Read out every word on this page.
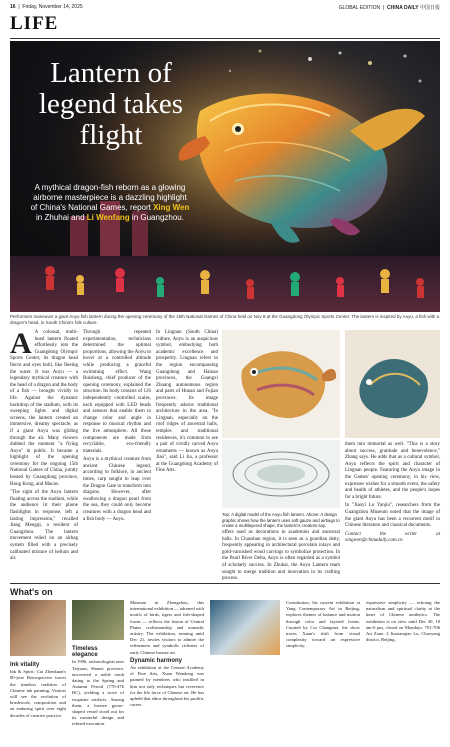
16  |  Friday, November 14, 2025	GLOBAL EDITION  |  CHINA DAILY 中国日报
LIFE
Lantern of legend takes flight
A mythical dragon-fish reborn as a glowing airborne masterpiece is a dazzling highlight of China's National Games, report Xing Wen in Zhuhai and Li Wenfang in Guangzhou.
Performers maneuver a giant Aoyu fish lantern during the opening ceremony of the 15th National Games of China held on Nov 9 at the Guangdong Olympic Sports Center. The lantern is inspired by Aoyu, a fish with a dragon's head, in South China's folk culture.
A A colossal, multi-hued lantern floated effortlessly into the Guangdong Olympic Sports Center, its dragon head fierce and eyes bold, like fleeing the water. It was Aoyu — a legendary mythical creature with the head of a dragon and the body of a fish — brought vividly to life. Against the dynamic backdrop of the stadium, with its sweeping lights and digital screens, the lantern created an immersive, dreamy spectacle, as if a giant Aoyu was gliding through the air. Many viewers dubbed the moment "a flying Aoyu" in public. It became a highlight of the opening ceremony for the ongoing 15th National Games of China, jointly hosted by Guangdong province, Hong Kong, and Macao.

"The sight of the Aoyu lantern floating across the stadium, while the audience lit their phone flashlights in response, left a lasting impression," recalled Jiang Mengqi, a resident of Guangzhou. The lantern movement relied on an airbag system filled with a precisely calibrated mixture of helium and air.

Through repeated experimentation, technicians determined the optimal proportions, allowing the Aoyu to hover at a controlled altitude while producing a graceful swimming effect. Wang Ruisheng, chief producer of the opening ceremony, explained the structure. Its body consists of 126 independently controlled scales, each equipped with LED beads and sensors that enable them to change color and angle in response to musical rhythm and the live atmosphere. All these components are made from recyclable, eco-friendly materials.

Aoyu is a mythical creature from ancient Chinese legend, according to folklore, in ancient times, carp sought to leap over the Dragon Gate to transform into dragons. However, after swallowing a dragon pearl from the sea, they could only become creatures with a dragon head and a fish body — Aoyu.

In Lingnan (South China) culture, Aoyu is an auspicious symbol, embodying both academic excellence and prosperity. Lingnan refers to the region encompassing Guangdong and Hainan provinces, the Guangxi Zhuang autonomous region and parts of Hunan and Fujian provinces. Its image frequently adorns traditional architecture in the area. "In Lingnan, especially on the roof ridges of ancestral halls, temples and traditional residences, it's common to see a pair of vividly carved Aoyu ornaments — known as Aoyu Jiao", said Li Jia, a professor at the Guangdong Academy of Fine Arts.
Top: A digital model of the Aoyu fish lantern. Above: A design graphic shows how the lantern uses soft gauze and airbags to create a multilayered shape, the lantern's creators say.
offers used as decorations in academies and ancestral halls. In Chaoshan region, it is seen as a guardian deity, frequently appearing in architectural porcelain inlays and gold-varnished wood carvings to symbolize protection. In the Pearl River Delta, Aoyu is often regarded as a symbol of scholarly success. In Zhuhai, the Aoyu Lantern team sought to merge tradition and innovation in its crafting process.
them into immortal as well. "This is a story about success, gratitude and benevolence," Zhang says. He adds that as a cultural symbol, Aoyu reflects the spirit and character of Lingnan people. Featuring the Aoyu image in the Games' opening ceremony, in his view, expresses wishes for a smooth event, the safety and health of athletes, and the people's hopes for a bright future.

In "Jiaoyi Lu Yanjiu", researchers from the Guangzhou Museum noted that the image of the giant Aoyu has been a recurrent motif in Chinese literature and classical documents.

Contact the writer at xingwen@chinadaily.com.cn

What's on
Ink vitality
Ink & Spirit: Cui Zhenkuan's 80-year Retrospective traces the timeless tradition of Chinese ink painting. Visitors will see the evolution of brushwork, composition and an enduring spirit over eight decades of creative practice.
Timeless elegance
In 1996, archaeologists near Taiyuan, Shanxi province, uncovered a noble tomb dating to the Spring and Autumn Period (770-476 BC), yielding a trove of exquisite artifacts. Among them, a bronze goose-shaped vessel stood out for its masterful design and refined execution.
Museum in Zhengzhou, this international exhibition — adorned with motifs of birds, tigers and fish-shaped forms — reflects the fusion of Central Plains craftsmanship and nomadic artistry. The exhibition, running until Dec 21, invites visitors to admire the refinement and symbolic richness of early Chinese bronze art.
Dynamic harmony
An exhibition at the Central Academy of Fine Arts, Xuan Wandong was painted by members who instilled in him not only techniques but reverence for the life force of Chinese art. He has upheld that ethos throughout his prolific career.
Constitution, his current exhibition at Yang Contemporary Art in Beijing, explores themes of balance and motion through color and layered forms. Curated by Cai Changmei, the show traces Xuan's shift from visual complexity toward an expressive simplicity.
expressive simplicity — echoing the naturalism and spiritual clarity at the heart of Chinese aesthetics. The exhibition is on view until Dec 30, 10 am-6 pm, closed on Mondays. 701-706 Art Zone, 2 Jiuxianqiao Lu, Chaoyang district, Beijing.
